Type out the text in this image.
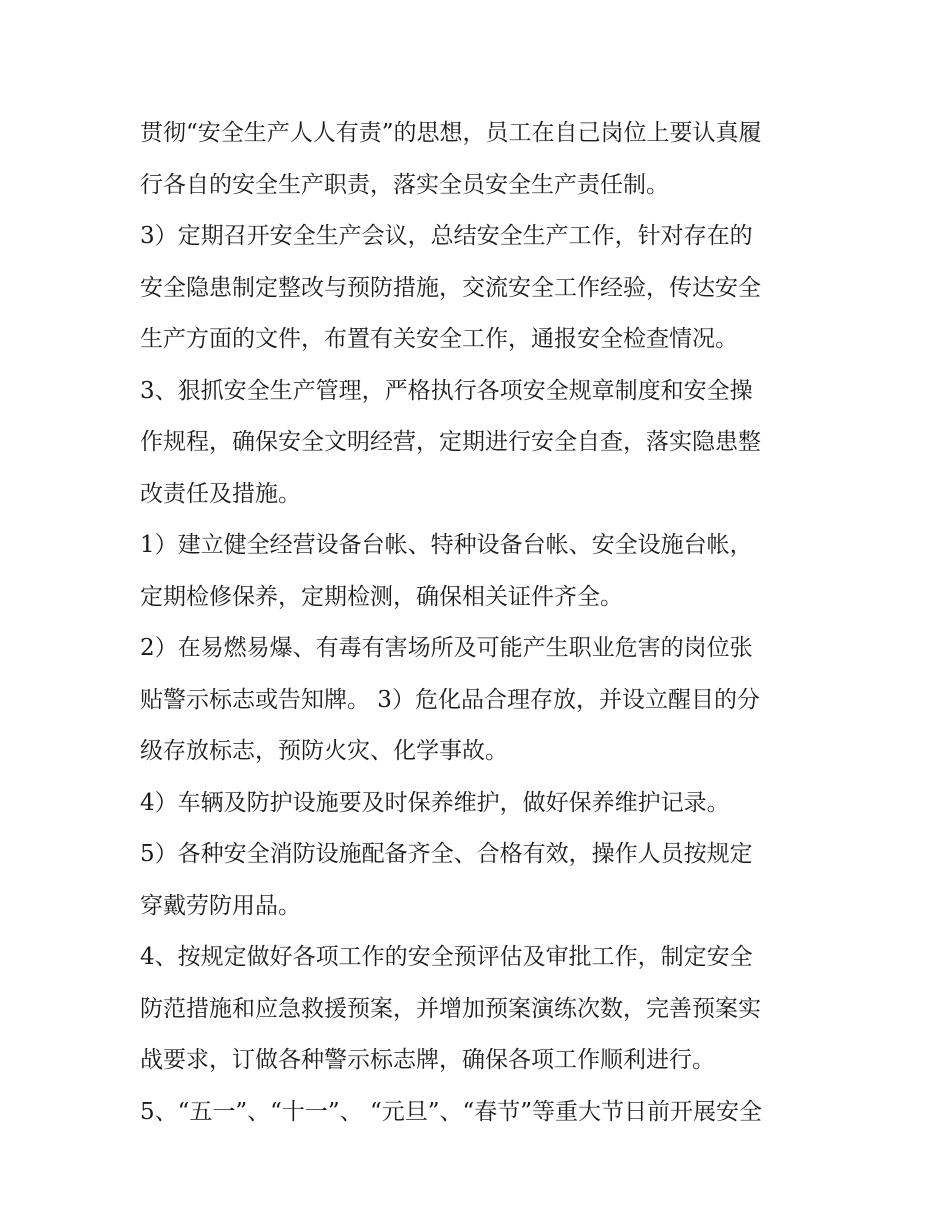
贯彻“安全生产人人有责”的思想，员工在自己岗位上要认真履
行各自的安全生产职责，落实全员安全生产责任制。
3）定期召开安全生产会议，总结安全生产工作，针对存在的
安全隐患制定整改与预防措施，交流安全工作经验，传达安全
生产方面的文件，布置有关安全工作，通报安全检查情况。
3、狠抓安全生产管理，严格执行各项安全规章制度和安全操
作规程，确保安全文明经营，定期进行安全自查，落实隐患整
改责任及措施。
1）建立健全经营设备台帐、特种设备台帐、安全设施台帐，
定期检修保养，定期检测，确保相关证件齐全。
2）在易燃易爆、有毒有害场所及可能产生职业危害的岗位张
贴警示标志或告知牌。 3）危化品合理存放，并设立醒目的分
级存放标志，预防火灾、化学事故。
4）车辆及防护设施要及时保养维护，做好保养维护记录。
5）各种安全消防设施配备齐全、合格有效，操作人员按规定
穿戴劳防用品。
4、按规定做好各项工作的安全预评估及审批工作，制定安全
防范措施和应急救援预案，并增加预案演练次数，完善预案实
战要求，订做各种警示标志牌，确保各项工作顺利进行。
5、“五一”、“十一”、 “元旦”、“春节”等重大节日前开展安全
